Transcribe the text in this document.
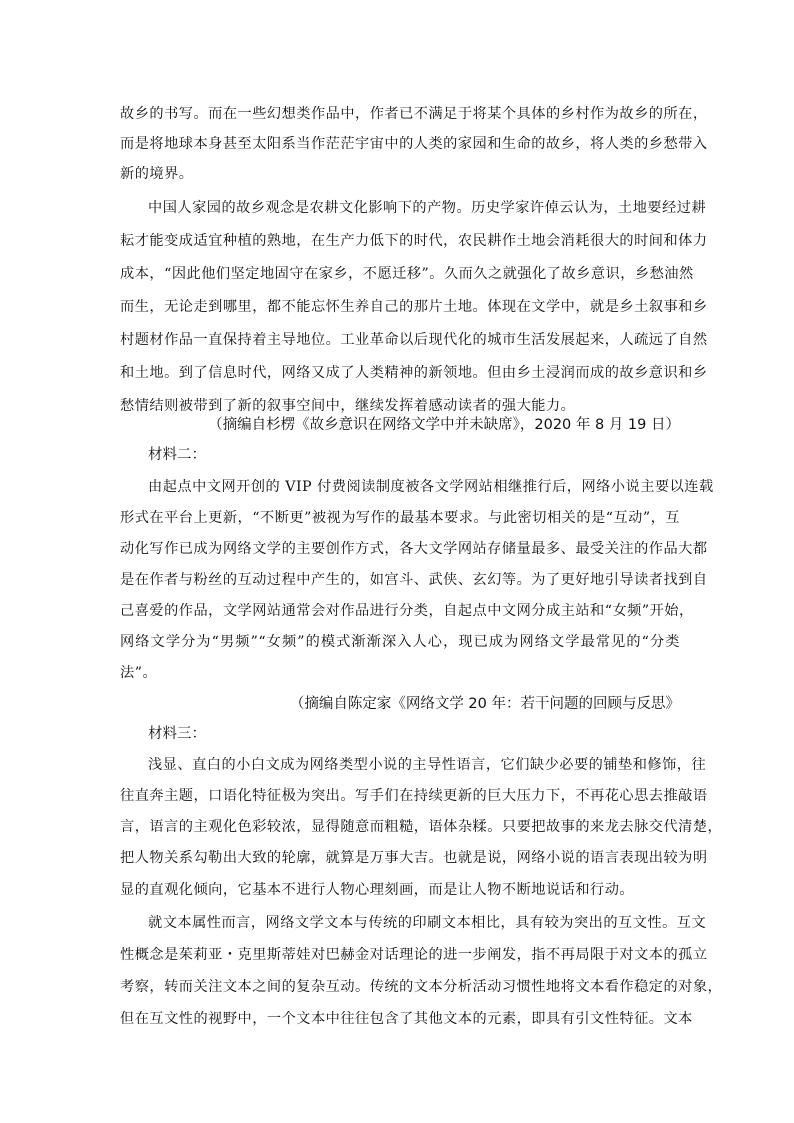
故乡的书写。而在一些幻想类作品中，作者已不满足于将某个具体的乡村作为故乡的所在，
而是将地球本身甚至太阳系当作茫茫宇宙中的人类的家园和生命的故乡，将人类的乡愁带入
新的境界。
中国人家园的故乡观念是农耕文化影响下的产物。历史学家许倬云认为，土地要经过耕
耘才能变成适宜种植的熟地，在生产力低下的时代，农民耕作土地会消耗很大的时间和体力
成本，“因此他们坚定地固守在家乡，不愿迁移”。久而久之就强化了故乡意识，乡愁油然
而生，无论走到哪里，都不能忘怀生养自己的那片土地。体现在文学中，就是乡土叙事和乡
村题材作品一直保持着主导地位。工业革命以后现代化的城市生活发展起来，人疏远了自然
和土地。到了信息时代，网络又成了人类精神的新领地。但由乡土浸润而成的故乡意识和乡
愁情结则被带到了新的叙事空间中，继续发挥着感动读者的强大能力。
（摘编自杉楞《故乡意识在网络文学中并未缺席》，2020 年 8 月 19 日）
材料二：
由起点中文网开创的 VIP 付费阅读制度被各文学网站相继推行后，网络小说主要以连载
形式在平台上更新，“不断更”被视为写作的最基本要求。与此密切相关的是“互动”，互
动化写作已成为网络文学的主要创作方式，各大文学网站存储量最多、最受关注的作品大都
是在作者与粉丝的互动过程中产生的，如宫斗、武侠、玄幻等。为了更好地引导读者找到自
己喜爱的作品，文学网站通常会对作品进行分类，自起点中文网分成主站和“女频”开始，
网络文学分为“男频”“女频”的模式渐渐深入人心，现已成为网络文学最常见的“分类
法”。
（摘编自陈定家《网络文学 20 年：若干问题的回顾与反思》
材料三：
浅显、直白的小白文成为网络类型小说的主导性语言，它们缺少必要的铺垫和修饰，往
往直奔主题，口语化特征极为突出。写手们在持续更新的巨大压力下，不再花心思去推敲语
言，语言的主观化色彩较浓，显得随意而粗糙，语体杂糅。只要把故事的来龙去脉交代清楚，
把人物关系勾勒出大致的轮廓，就算是万事大吉。也就是说，网络小说的语言表现出较为明
显的直观化倾向，它基本不进行人物心理刻画，而是让人物不断地说话和行动。
就文本属性而言，网络文学文本与传统的印刷文本相比，具有较为突出的互文性。互文
性概念是茱莉亚・克里斯蒂娃对巴赫金对话理论的进一步阐发，指不再局限于对文本的孤立
考察，转而关注文本之间的复杂互动。传统的文本分析活动习惯性地将文本看作稳定的对象，
但在互文性的视野中，一个文本中往往包含了其他文本的元素，即具有引文性特征。文本
